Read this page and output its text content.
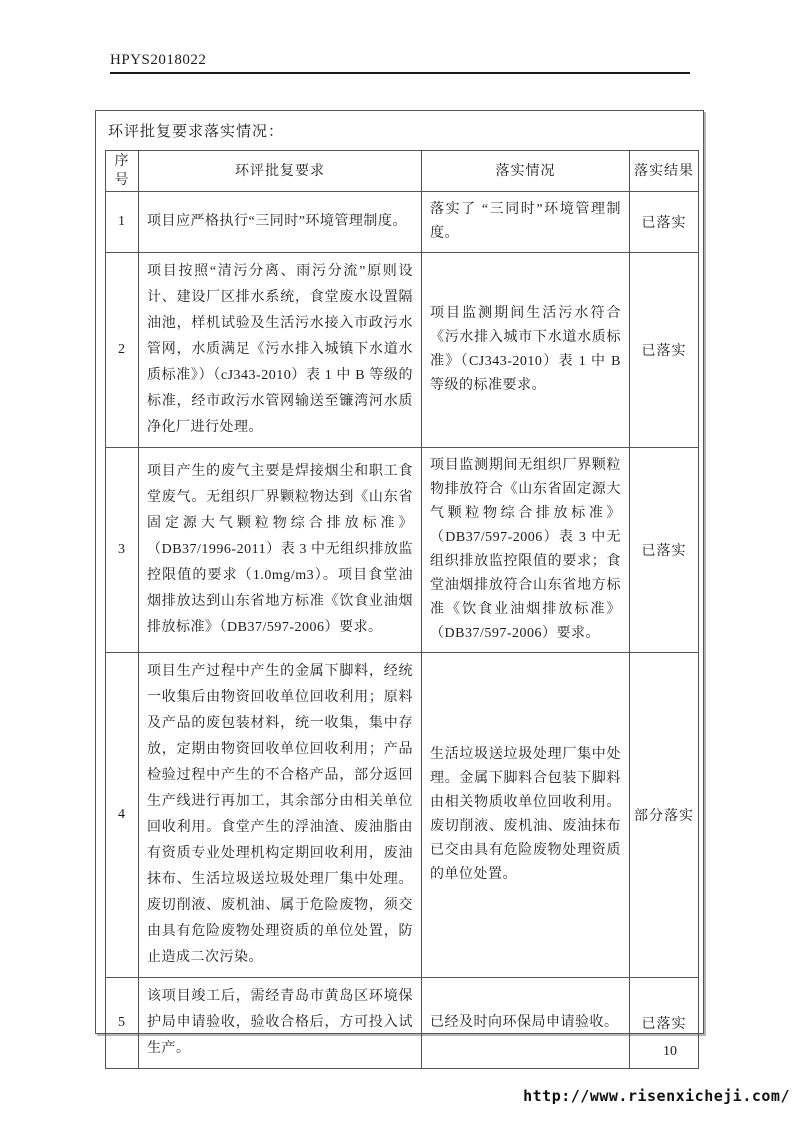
HPYS2018022
环评批复要求落实情况：
序号	环评批复要求	落实情况	落实结果
1	项目应严格执行“三同时”环境管理制度。	落实了 “三同时”环境管理制度。	已落实
2	项目按照“清污分离、雨污分流”原则设计、建设厂区排水系统，食堂废水设置隔油池，样机试验及生活污水接入市政污水管网，水质满足《污水排入城镇下水道水质标准》）（cJ343-2010）表 1 中 B 等级的标准，经市政污水管网输送至镰湾河水质净化厂进行处理。	项目监测期间生活污水符合《污水排入城市下水道水质标准》（CJ343-2010）表 1 中 B 等级的标准要求。	已落实
3	项目产生的废气主要是焊接烟尘和职工食堂废气。无组织厂界颗粒物达到《山东省固定源大气颗粒物综合排放标准》（DB37/1996-2011）表 3 中无组织排放监控限值的要求（1.0mg/m3）。项目食堂油烟排放达到山东省地方标准《饮食业油烟排放标准》（DB37/597-2006）要求。	项目监测期间无组织厂界颗粒物排放符合《山东省固定源大气颗粒物综合排放标准》（DB37/597-2006）表 3 中无组织排放监控限值的要求；食堂油烟排放符合山东省地方标准《饮食业油烟排放标准》（DB37/597-2006）要求。	已落实
4	项目生产过程中产生的金属下脚料，经统一收集后由物资回收单位回收利用；原料及产品的废包装材料，统一收集，集中存放，定期由物资回收单位回收利用；产品检验过程中产生的不合格产品，部分返回生产线进行再加工，其余部分由相关单位回收利用。食堂产生的浮油渣、废油脂由有资质专业处理机构定期回收利用，废油抹布、生活垃圾送垃圾处理厂集中处理。废切削液、废机油、属于危险废物，须交由具有危险废物处理资质的单位处置，防止造成二次污染。	生活垃圾送垃圾处理厂集中处理。金属下脚料合包装下脚料由相关物质收单位回收利用。废切削液、废机油、废油抹布已交由具有危险废物处理资质的单位处置。	部分落实
5	该项目竣工后，需经青岛市黄岛区环境保护局申请验收，验收合格后，方可投入试生产。	已经及时向环保局申请验收。	已落实
10
http://www.risenxicheji.com/
